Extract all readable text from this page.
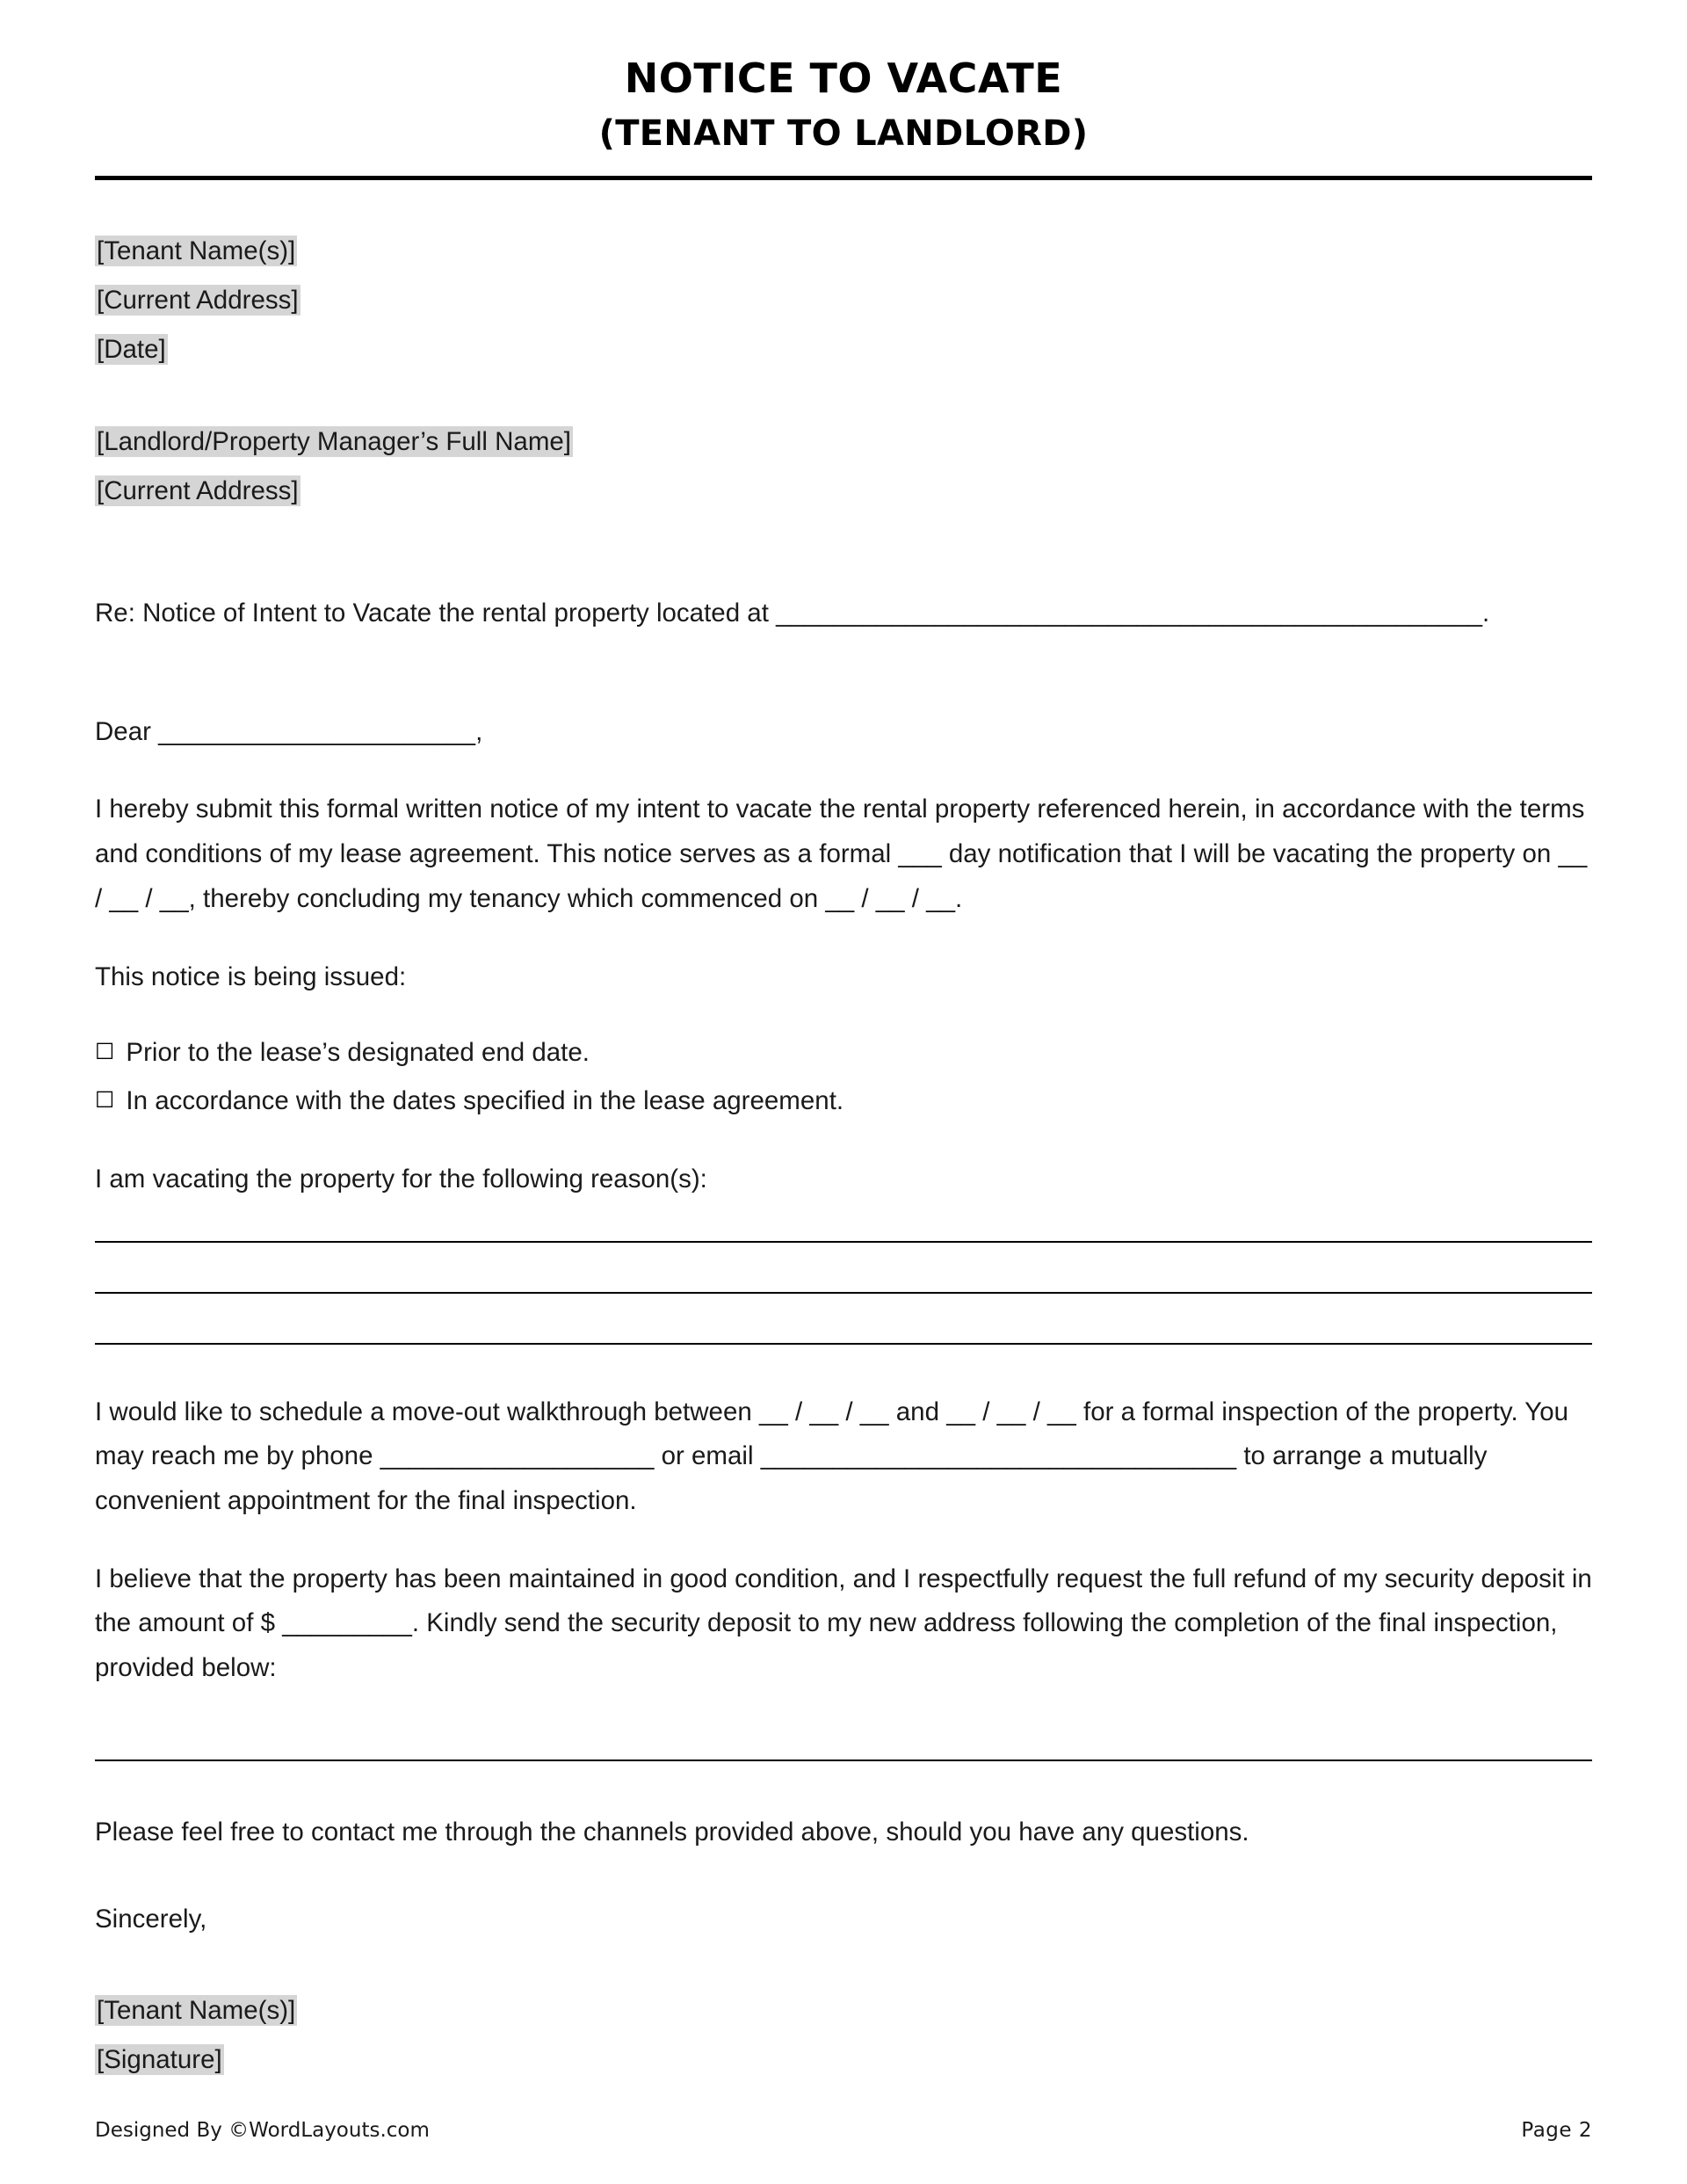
NOTICE TO VACATE
(TENANT TO LANDLORD)

[Tenant Name(s)]

[Current Address]

[Date]

[Landlord/Property Manager’s Full Name]

[Current Address]

Re: Notice of Intent to Vacate the rental property located at _________________________________________________.

Dear ______________________,

I hereby submit this formal written notice of my intent to vacate the rental property referenced herein, in accordance with the terms and conditions of my lease agreement. This notice serves as a formal ___ day notification that I will be vacating the property on __ / __ / __, thereby concluding my tenancy which commenced on __ / __ / __.

This notice is being issued:

☐ Prior to the lease’s designated end date.
☐ In accordance with the dates specified in the lease agreement.

I am vacating the property for the following reason(s):

I would like to schedule a move-out walkthrough between __ / __ / __ and __ / __ / __ for a formal inspection of the property. You may reach me by phone ___________________ or email _________________________________ to arrange a mutually convenient appointment for the final inspection.

I believe that the property has been maintained in good condition, and I respectfully request the full refund of my security deposit in the amount of $ _________. Kindly send the security deposit to my new address following the completion of the final inspection, provided below:

Please feel free to contact me through the channels provided above, should you have any questions.

Sincerely,

[Tenant Name(s)]

[Signature]

Designed By ©WordLayouts.com	Page 2
